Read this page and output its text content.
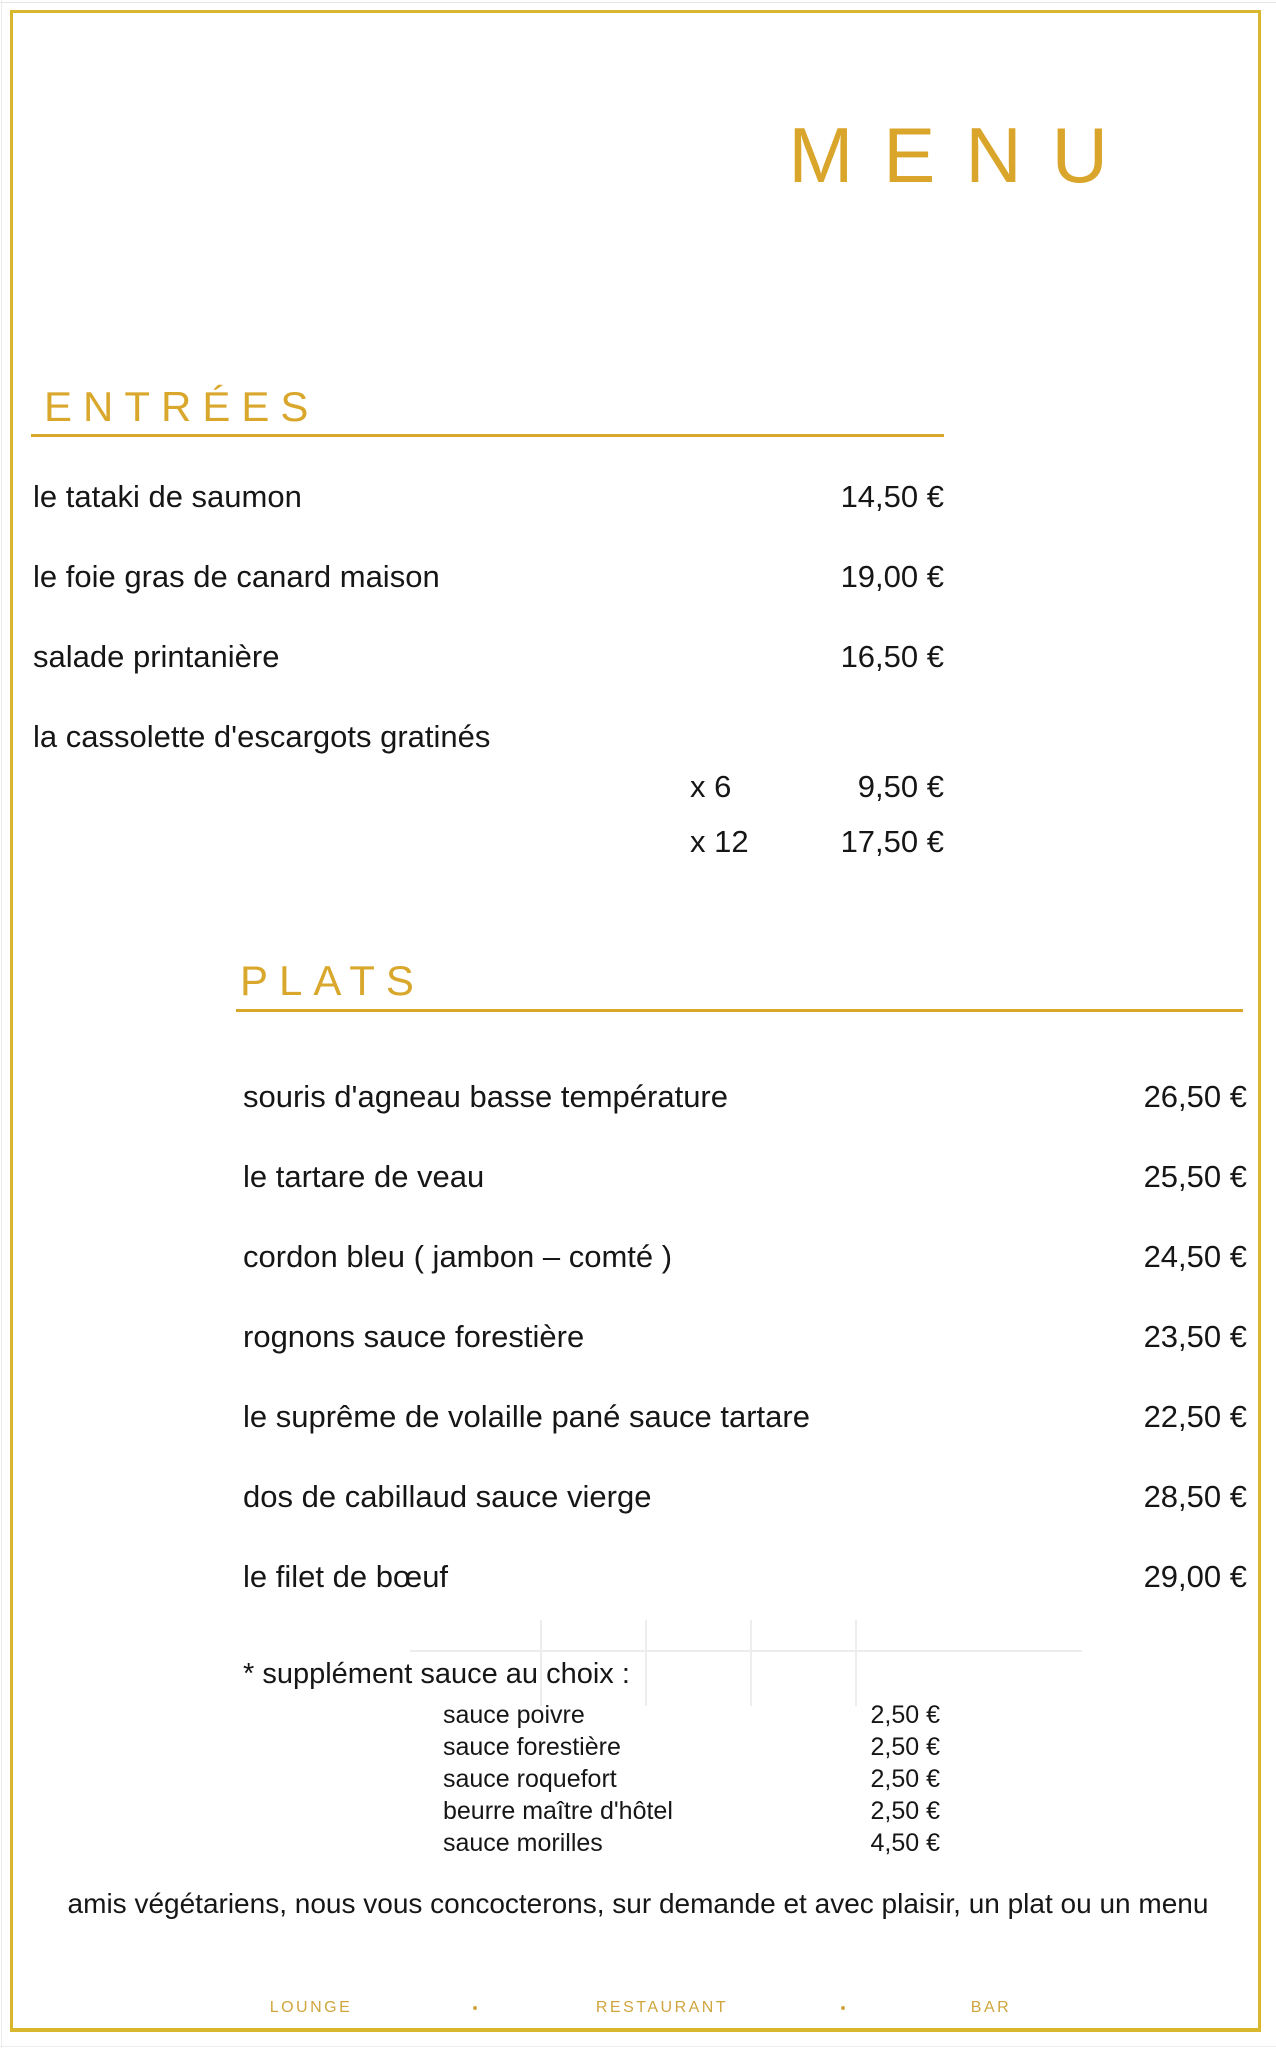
MENU
ENTRÉES
le tataki de saumon	14,50 €
le foie gras de canard maison	19,00 €
salade printanière	16,50 €
la cassolette d'escargots gratinés
x 6	9,50 €
x 12	17,50 €
PLATS
souris d'agneau basse température	26,50 €
le tartare de veau	25,50 €
cordon bleu ( jambon – comté )	24,50 €
rognons sauce forestière	23,50 €
le suprême de volaille pané sauce tartare	22,50 €
dos de cabillaud sauce vierge	28,50 €
le filet de bœuf	29,00 €
* supplément sauce au choix :
sauce poivre	2,50 €
sauce forestière	2,50 €
sauce roquefort	2,50 €
beurre maître d'hôtel	2,50 €
sauce morilles	4,50 €
amis végétariens, nous vous concocterons, sur demande et avec plaisir, un plat ou un menu
LOUNGE	RESTAURANT	BAR
